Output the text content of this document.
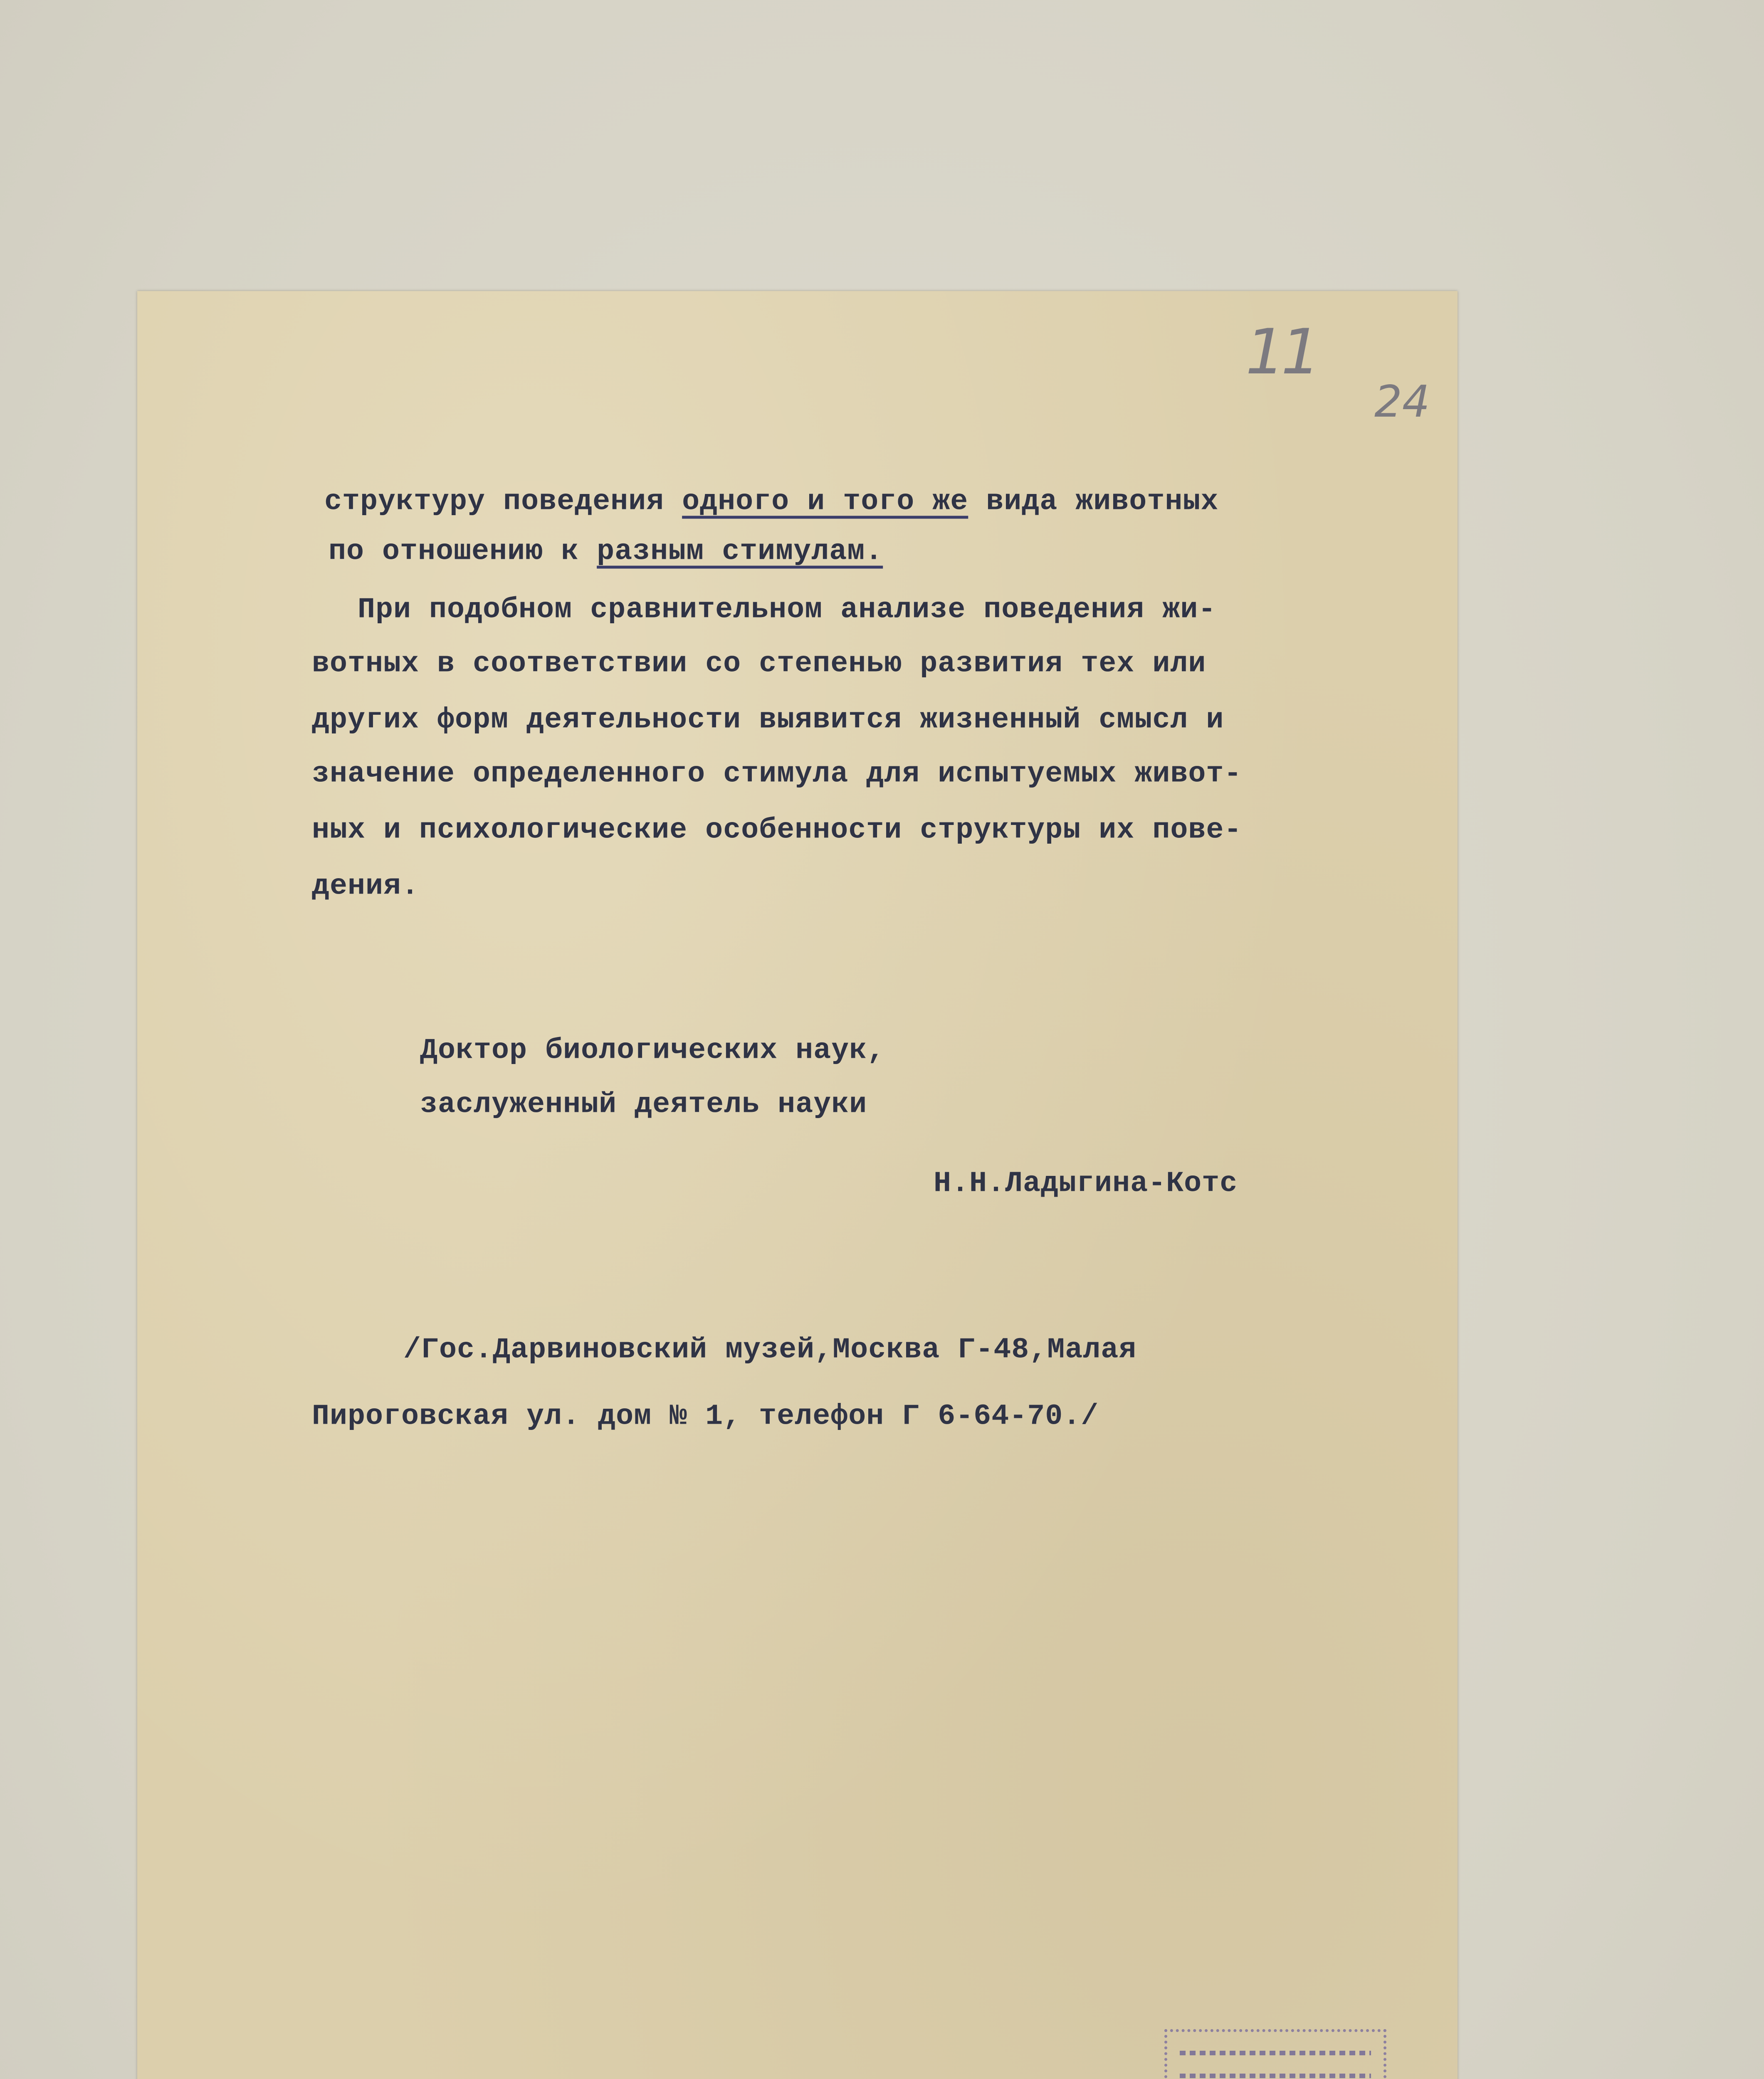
11
24
структуру поведения одного и того же вида животных
по отношению к разным стимулам.
При подобном сравнительном анализе поведения жи-
вотных в соответствии со степенью развития тех или
других форм деятельности выявится жизненный смысл и
значение определенного стимула для испытуемых живот-
ных и психологические особенности структуры их пове-
дения.
Доктор биологических наук,
заслуженный деятель науки
Н.Н.Ладыгина-Котс
/Гос.Дарвиновский музей,Москва Г-48,Малая
Пироговская ул. дом № 1, телефон Г 6-64-70./
